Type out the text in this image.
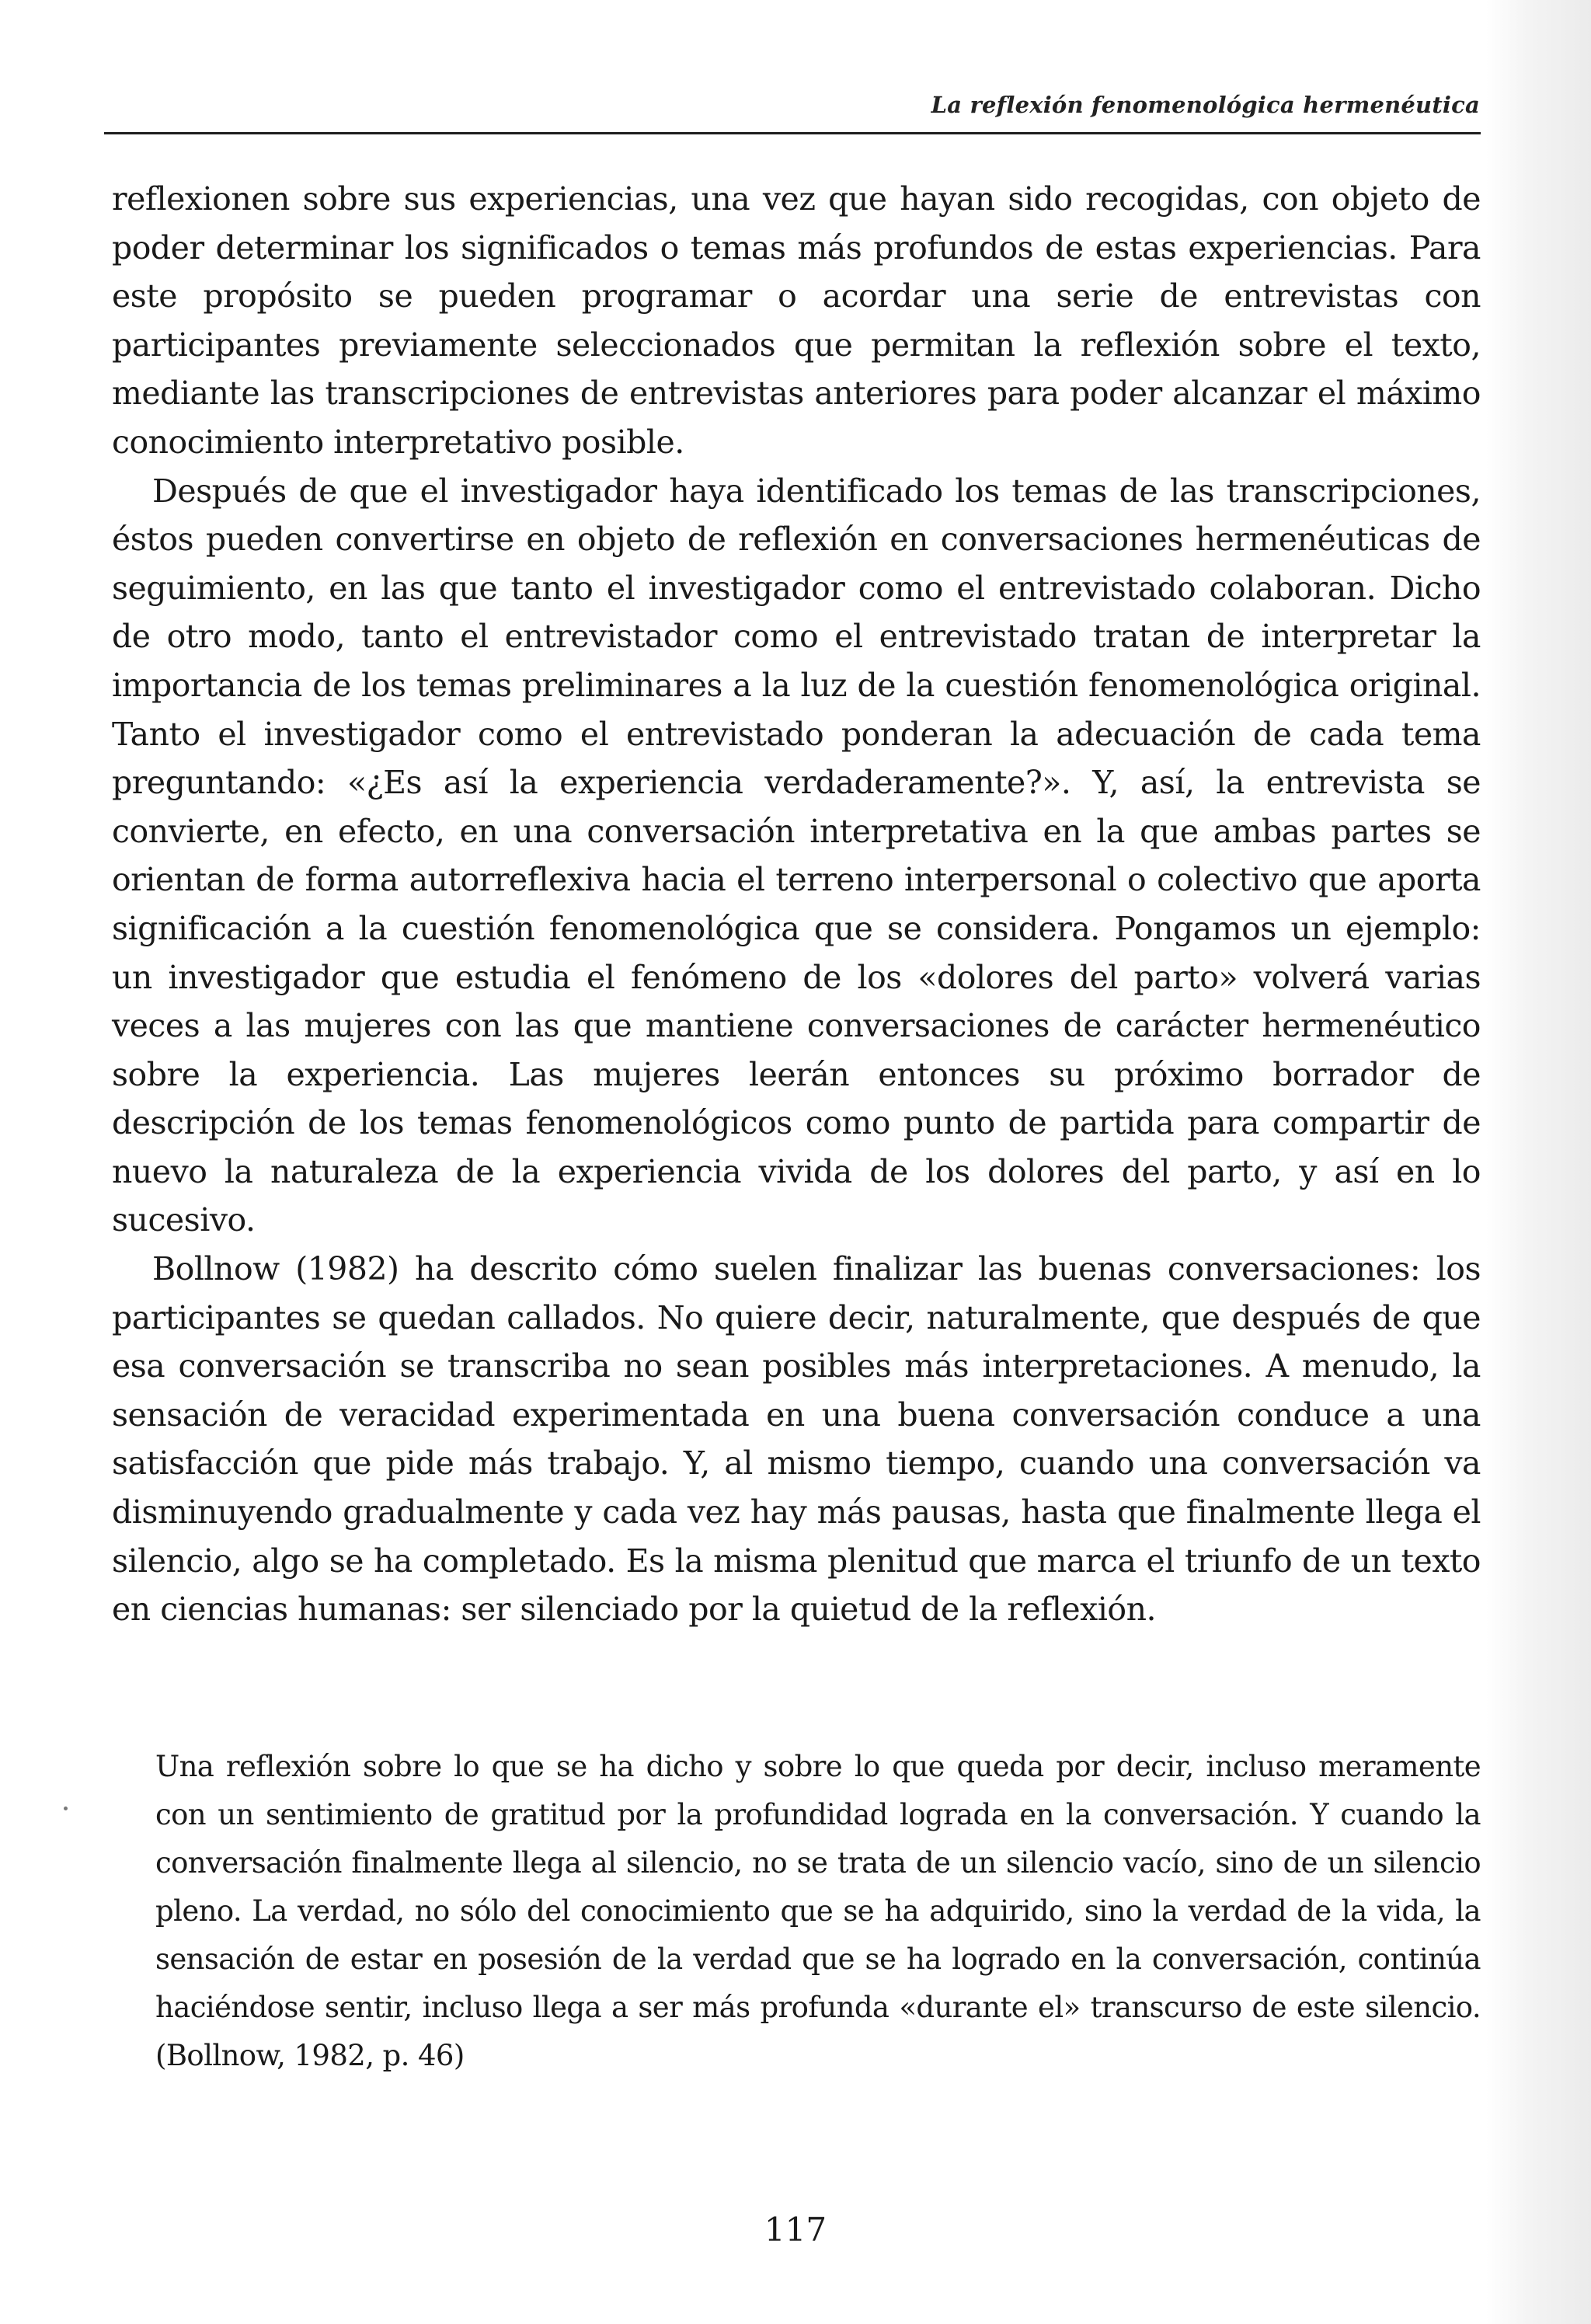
La reflexión fenomenológica hermenéutica

reflexionen sobre sus experiencias, una vez que hayan sido recogidas, con objeto de poder determinar los significados o temas más profundos de estas experiencias. Para este propósito se pueden programar o acordar una serie de entrevistas con participantes previamente seleccionados que permitan la reflexión sobre el texto, mediante las transcripciones de entrevistas anteriores para poder alcanzar el máximo conocimiento interpretativo posible.

Después de que el investigador haya identificado los temas de las transcripciones, éstos pueden convertirse en objeto de reflexión en conversaciones hermenéuticas de seguimiento, en las que tanto el investigador como el entrevistado colaboran. Dicho de otro modo, tanto el entrevistador como el entrevistado tratan de interpretar la importancia de los temas preliminares a la luz de la cuestión fenomenológica original. Tanto el investigador como el entrevistado ponderan la adecuación de cada tema preguntando: «¿Es así la experiencia verdaderamente?». Y, así, la entrevista se convierte, en efecto, en una conversación interpretativa en la que ambas partes se orientan de forma autorreflexiva hacia el terreno interpersonal o colectivo que aporta significación a la cuestión fenomenológica que se considera. Pongamos un ejemplo: un investigador que estudia el fenómeno de los «dolores del parto» volverá varias veces a las mujeres con las que mantiene conversaciones de carácter hermenéutico sobre la experiencia. Las mujeres leerán entonces su próximo borrador de descripción de los temas fenomenológicos como punto de partida para compartir de nuevo la naturaleza de la experiencia vivida de los dolores del parto, y así en lo sucesivo.

Bollnow (1982) ha descrito cómo suelen finalizar las buenas conversaciones: los participantes se quedan callados. No quiere decir, naturalmente, que después de que esa conversación se transcriba no sean posibles más interpretaciones. A menudo, la sensación de veracidad experimentada en una buena conversación conduce a una satisfacción que pide más trabajo. Y, al mismo tiempo, cuando una conversación va disminuyendo gradualmente y cada vez hay más pausas, hasta que finalmente llega el silencio, algo se ha completado. Es la misma plenitud que marca el triunfo de un texto en ciencias humanas: ser silenciado por la quietud de la reflexión.

Una reflexión sobre lo que se ha dicho y sobre lo que queda por decir, incluso meramente con un sentimiento de gratitud por la profundidad lograda en la conversación. Y cuando la conversación finalmente llega al silencio, no se trata de un silencio vacío, sino de un silencio pleno. La verdad, no sólo del conocimiento que se ha adquirido, sino la verdad de la vida, la sensación de estar en posesión de la verdad que se ha logrado en la conversación, continúa haciéndose sentir, incluso llega a ser más profunda «durante el» transcurso de este silencio. (Bollnow, 1982, p. 46)

117
